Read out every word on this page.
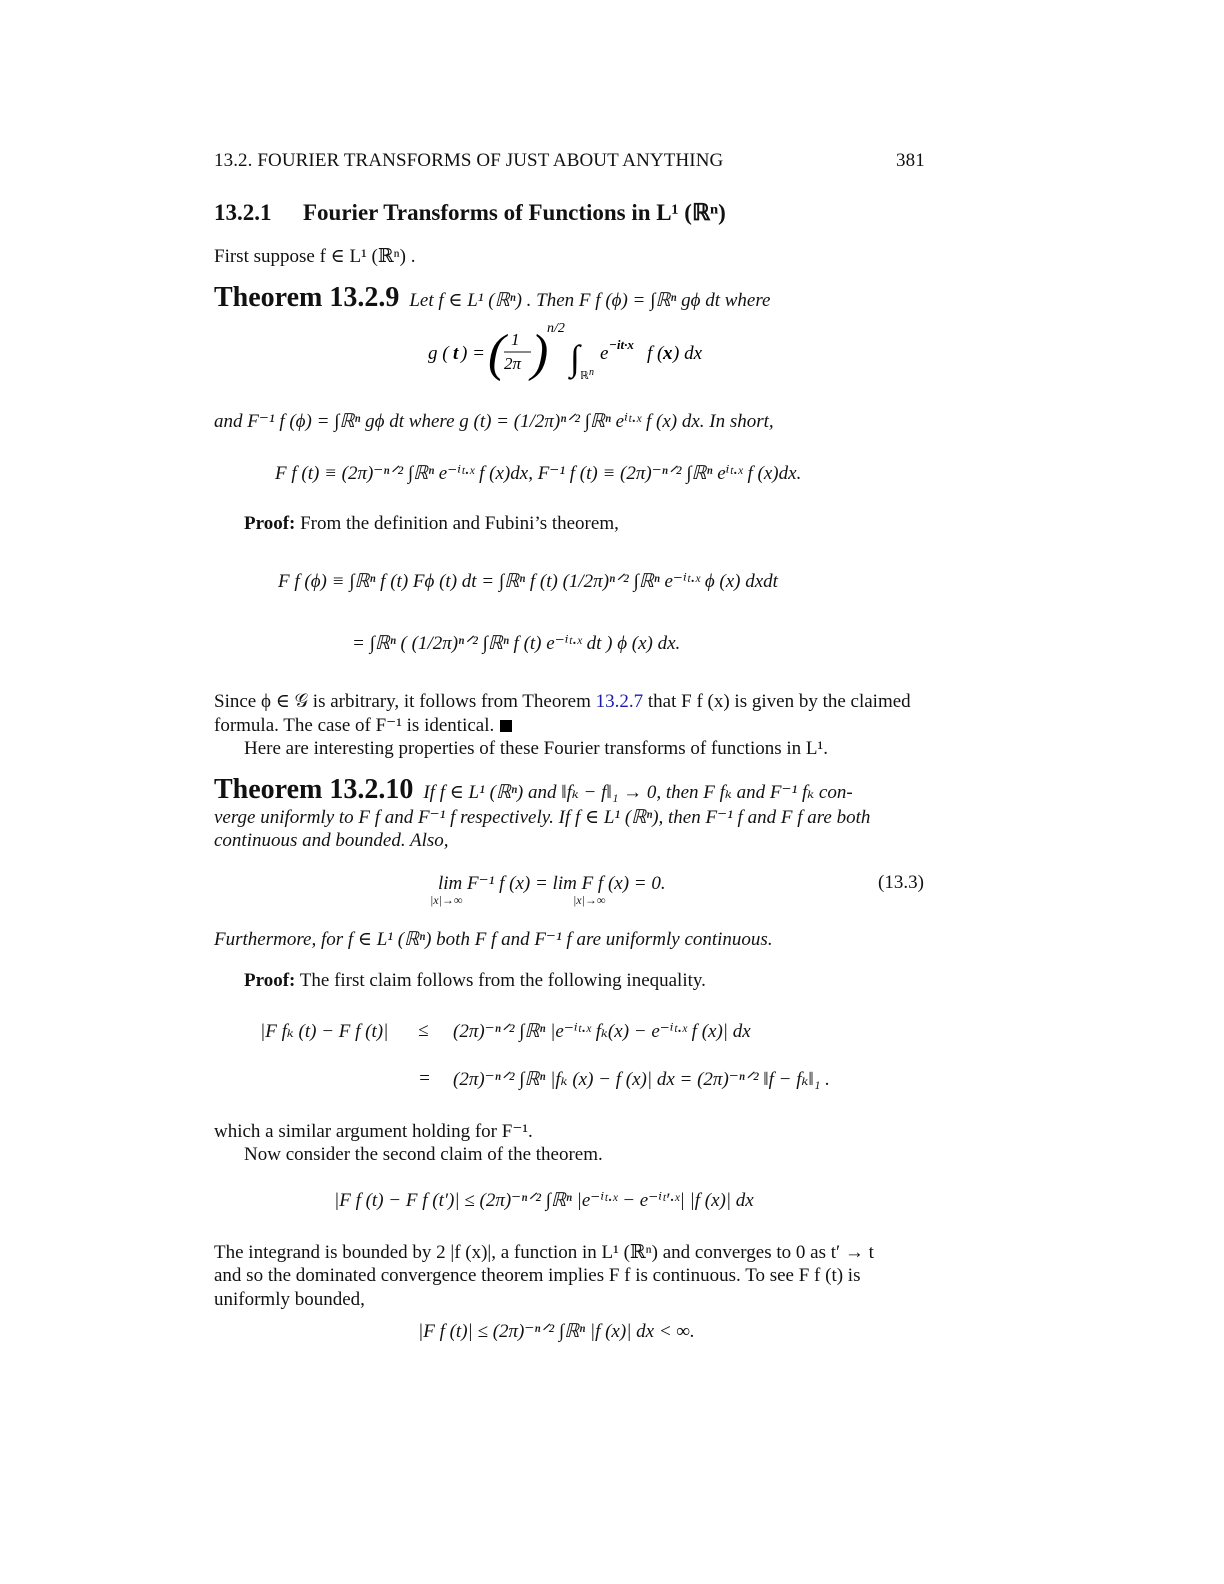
13.2. FOURIER TRANSFORMS OF JUST ABOUT ANYTHING	381
13.2.1 Fourier Transforms of Functions in L¹ (ℝⁿ)
First suppose f ∈ L¹ (ℝⁿ) .
Theorem 13.2.9 Let f ∈ L¹ (ℝⁿ) . Then F f (ϕ) = ∫ℝⁿ gϕ dt where
g ( t ) = ( 1
2π )
n/2
∫ ℝ n
e −it·x f ( x ) dx
and F⁻¹ f (ϕ) = ∫ℝⁿ gϕ dt where g (t) = (1/2π)ⁿᐟ² ∫ℝⁿ eⁱᵗ·ˣ f (x) dx. In short,
F f (t) ≡ (2π)⁻ⁿᐟ² ∫ℝⁿ e⁻ⁱᵗ·ˣ f (x)dx, F⁻¹ f (t) ≡ (2π)⁻ⁿᐟ² ∫ℝⁿ eⁱᵗ·ˣ f (x)dx.
Proof: From the definition and Fubini’s theorem,
F f (ϕ) ≡ ∫ℝⁿ f (t) Fϕ (t) dt = ∫ℝⁿ f (t) (1/2π)ⁿᐟ² ∫ℝⁿ e⁻ⁱᵗ·ˣ ϕ (x) dxdt
= ∫ℝⁿ ( (1/2π)ⁿᐟ² ∫ℝⁿ f (t) e⁻ⁱᵗ·ˣ dt ) ϕ (x) dx.
Since ϕ ∈ 𝒢 is arbitrary, it follows from Theorem 13.2.7 that F f (x) is given by the claimed
formula. The case of F⁻¹ is identical.
Here are interesting properties of these Fourier transforms of functions in L¹.
Theorem 13.2.10 If f ∈ L¹ (ℝⁿ) and ‖fₖ − f‖₁ → 0, then F fₖ and F⁻¹ fₖ con-
verge uniformly to F f and F⁻¹ f respectively. If f ∈ L¹ (ℝⁿ), then F⁻¹ f and F f are both
continuous and bounded. Also,
lim F⁻¹ f (x) = lim F f (x) = 0.
|x|→∞	|x|→∞
(13.3)
Furthermore, for f ∈ L¹ (ℝⁿ) both F f and F⁻¹ f are uniformly continuous.
Proof: The first claim follows from the following inequality.
|F fₖ (t) − F f (t)| ≤ (2π)⁻ⁿᐟ² ∫ℝⁿ |e⁻ⁱᵗ·ˣ fₖ(x) − e⁻ⁱᵗ·ˣ f (x)| dx
= (2π)⁻ⁿᐟ² ∫ℝⁿ |fₖ (x) − f (x)| dx = (2π)⁻ⁿᐟ² ‖f − fₖ‖₁ .
which a similar argument holding for F⁻¹.
Now consider the second claim of the theorem.
|F f (t) − F f (t′)| ≤ (2π)⁻ⁿᐟ² ∫ℝⁿ |e⁻ⁱᵗ·ˣ − e⁻ⁱᵗ′·ˣ| |f (x)| dx
The integrand is bounded by 2 |f (x)|, a function in L¹ (ℝⁿ) and converges to 0 as t′ → t
and so the dominated convergence theorem implies F f is continuous. To see F f (t) is
uniformly bounded,
|F f (t)| ≤ (2π)⁻ⁿᐟ² ∫ℝⁿ |f (x)| dx < ∞.
